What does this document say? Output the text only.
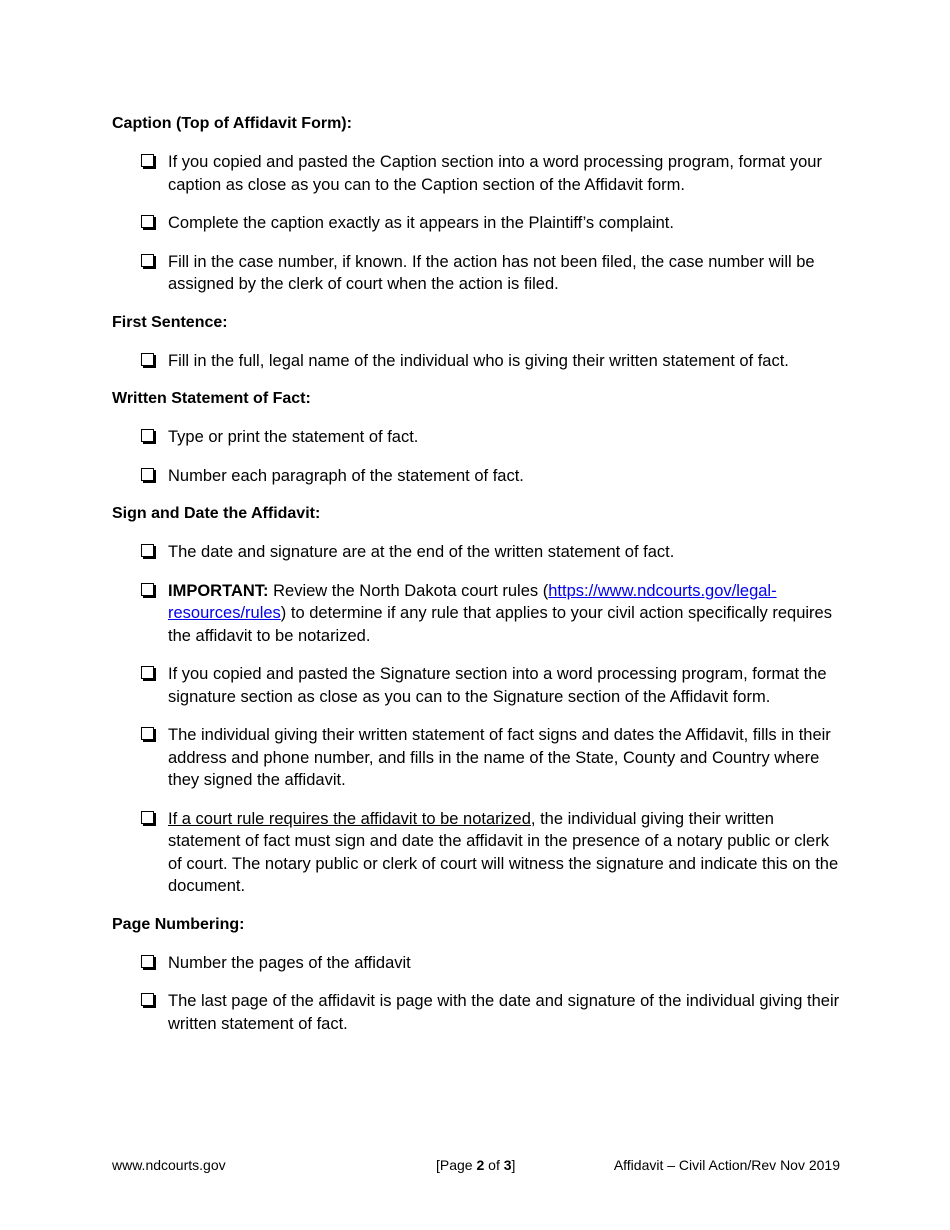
Caption (Top of Affidavit Form):
If you copied and pasted the Caption section into a word processing program, format your caption as close as you can to the Caption section of the Affidavit form.
Complete the caption exactly as it appears in the Plaintiff’s complaint.
Fill in the case number, if known. If the action has not been filed, the case number will be assigned by the clerk of court when the action is filed.
First Sentence:
Fill in the full, legal name of the individual who is giving their written statement of fact.
Written Statement of Fact:
Type or print the statement of fact.
Number each paragraph of the statement of fact.
Sign and Date the Affidavit:
The date and signature are at the end of the written statement of fact.
IMPORTANT: Review the North Dakota court rules (https://www.ndcourts.gov/legal-resources/rules) to determine if any rule that applies to your civil action specifically requires the affidavit to be notarized.
If you copied and pasted the Signature section into a word processing program, format the signature section as close as you can to the Signature section of the Affidavit form.
The individual giving their written statement of fact signs and dates the Affidavit, fills in their address and phone number, and fills in the name of the State, County and Country where they signed the affidavit.
If a court rule requires the affidavit to be notarized, the individual giving their written statement of fact must sign and date the affidavit in the presence of a notary public or clerk of court. The notary public or clerk of court will witness the signature and indicate this on the document.
Page Numbering:
Number the pages of the affidavit
The last page of the affidavit is page with the date and signature of the individual giving their written statement of fact.
www.ndcourts.gov	[Page 2 of 3]	Affidavit – Civil Action/Rev Nov 2019
